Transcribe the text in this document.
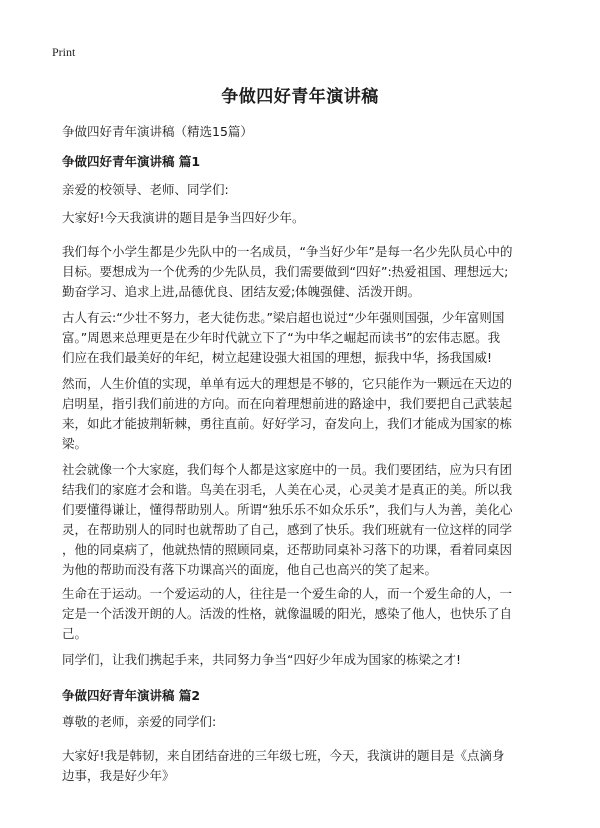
Print
争做四好青年演讲稿
争做四好青年演讲稿（精选15篇）
争做四好青年演讲稿 篇1
亲爱的校领导、老师、同学们:
大家好!今天我演讲的题目是争当四好少年。
我们每个小学生都是少先队中的一名成员，“争当好少年”是每一名少先队员心中的
目标。要想成为一个优秀的少先队员，我们需要做到“四好”:热爱祖国、理想远大;
勤奋学习、追求上进,品德优良、团结友爱;体魄强健、活泼开朗。
古人有云:“少壮不努力，老大徒伤悲。”梁启超也说过“少年强则国强，少年富则国
富。”周恩来总理更是在少年时代就立下了“为中华之崛起而读书”的宏伟志愿。我
们应在我们最美好的年纪，树立起建设强大祖国的理想，振我中华，扬我国威!
然而，人生价值的实现，单单有远大的理想是不够的，它只能作为一颗远在天边的
启明星，指引我们前进的方向。而在向着理想前进的路途中，我们要把自己武装起
来，如此才能披荆斩棘，勇往直前。好好学习，奋发向上，我们才能成为国家的栋
梁。
社会就像一个大家庭，我们每个人都是这家庭中的一员。我们要团结，应为只有团
结我们的家庭才会和谐。鸟美在羽毛，人美在心灵，心灵美才是真正的美。所以我
们要懂得谦让，懂得帮助别人。所谓“独乐乐不如众乐乐”，我们与人为善，美化心
灵，在帮助别人的同时也就帮助了自己，感到了快乐。我们班就有一位这样的同学
，他的同桌病了，他就热情的照顾同桌，还帮助同桌补习落下的功课，看着同桌因
为他的帮助而没有落下功课高兴的面庞，他自己也高兴的笑了起来。
生命在于运动。一个爱运动的人，往往是一个爱生命的人，而一个爱生命的人，一
定是一个活泼开朗的人。活泼的性格，就像温暖的阳光，感染了他人，也快乐了自
己。
同学们，让我们携起手来，共同努力争当“四好少年成为国家的栋梁之才!
争做四好青年演讲稿 篇2
尊敬的老师，亲爱的同学们:
大家好!我是韩韧，来自团结奋进的三年级七班，今天，我演讲的题目是《点滴身
边事，我是好少年》
